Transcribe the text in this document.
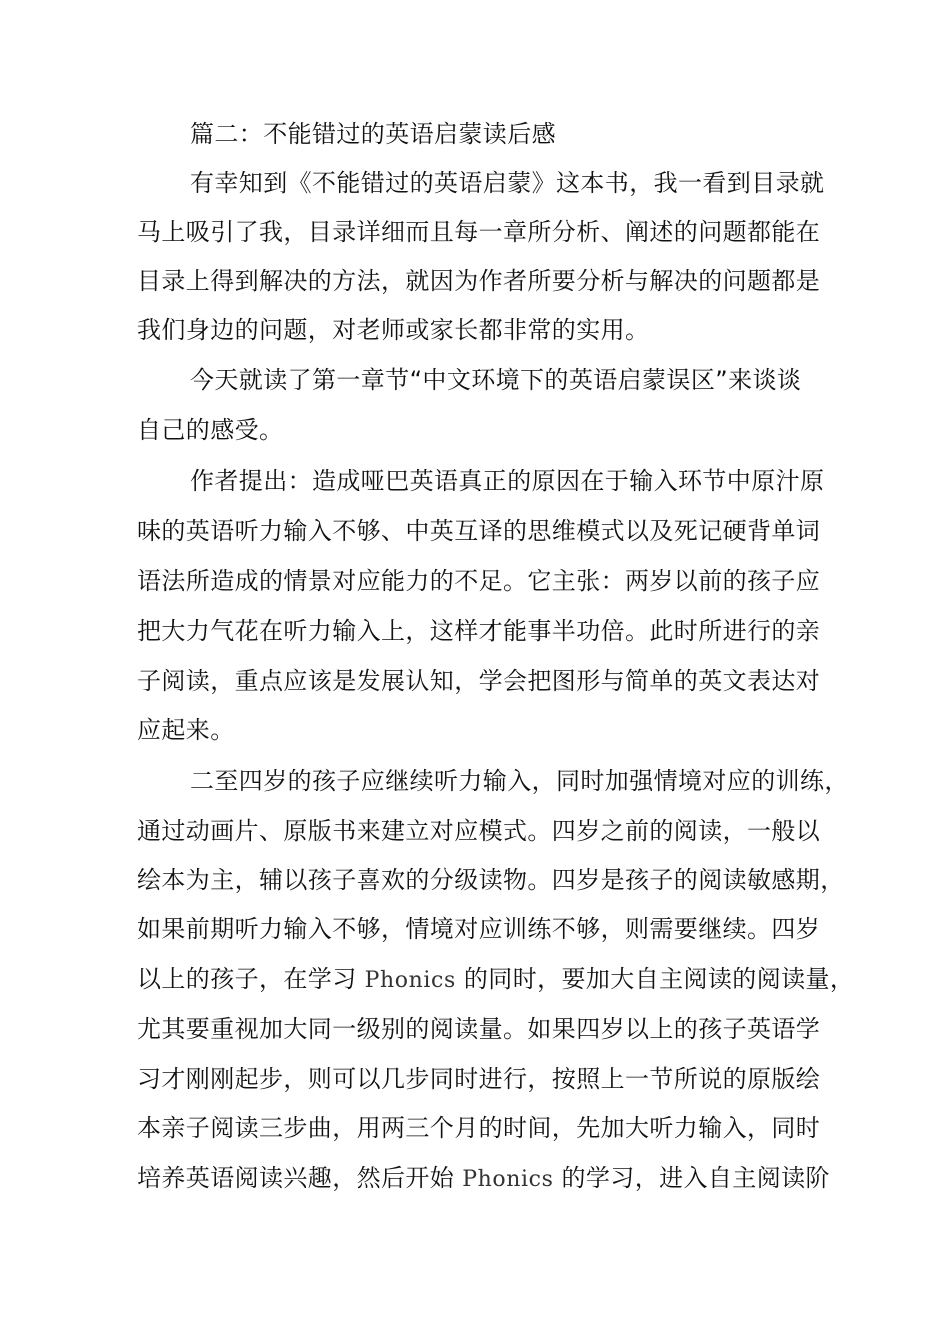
篇二：不能错过的英语启蒙读后感
有幸知到《不能错过的英语启蒙》这本书，我一看到目录就
马上吸引了我，目录详细而且每一章所分析、阐述的问题都能在
目录上得到解决的方法，就因为作者所要分析与解决的问题都是
我们身边的问题，对老师或家长都非常的实用。
今天就读了第一章节“中文环境下的英语启蒙误区”来谈谈
自己的感受。
作者提出：造成哑巴英语真正的原因在于输入环节中原汁原
味的英语听力输入不够、中英互译的思维模式以及死记硬背单词
语法所造成的情景对应能力的不足。它主张：两岁以前的孩子应
把大力气花在听力输入上，这样才能事半功倍。此时所进行的亲
子阅读，重点应该是发展认知，学会把图形与简单的英文表达对
应起来。
二至四岁的孩子应继续听力输入，同时加强情境对应的训练，
通过动画片、原版书来建立对应模式。四岁之前的阅读，一般以
绘本为主，辅以孩子喜欢的分级读物。四岁是孩子的阅读敏感期，
如果前期听力输入不够，情境对应训练不够，则需要继续。四岁
以上的孩子，在学习 Phonics 的同时，要加大自主阅读的阅读量，
尤其要重视加大同一级别的阅读量。如果四岁以上的孩子英语学
习才刚刚起步，则可以几步同时进行，按照上一节所说的原版绘
本亲子阅读三步曲，用两三个月的时间，先加大听力输入，同时
培养英语阅读兴趣，然后开始 Phonics 的学习，进入自主阅读阶
